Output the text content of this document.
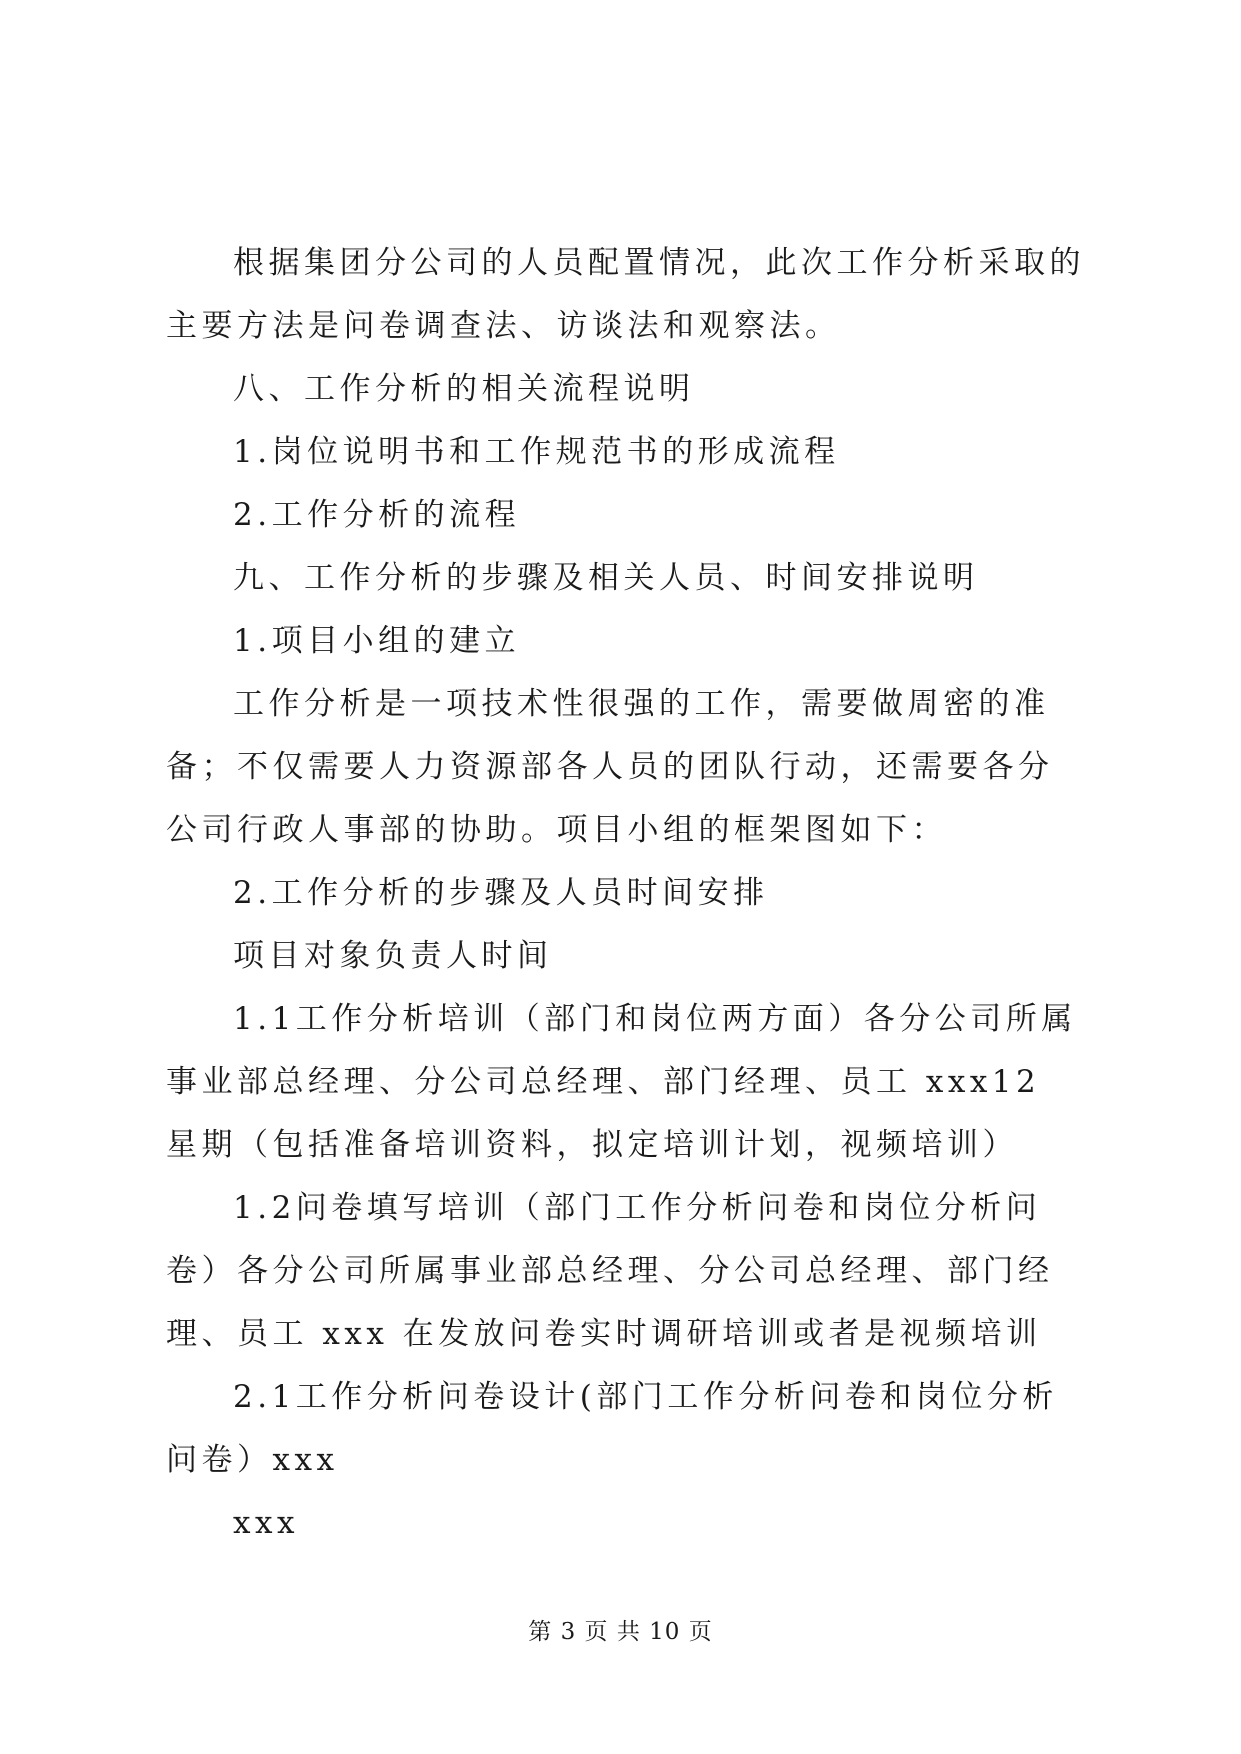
根据集团分公司的人员配置情况，此次工作分析采取的主要方法是问卷调查法、访谈法和观察法。

八、工作分析的相关流程说明

1.岗位说明书和工作规范书的形成流程

2.工作分析的流程

九、工作分析的步骤及相关人员、时间安排说明

1.项目小组的建立

工作分析是一项技术性很强的工作，需要做周密的准备；不仅需要人力资源部各人员的团队行动，还需要各分公司行政人事部的协助。项目小组的框架图如下：

2.工作分析的步骤及人员时间安排

项目对象负责人时间

1.1工作分析培训（部门和岗位两方面）各分公司所属事业部总经理、分公司总经理、部门经理、员工 xxx12 星期（包括准备培训资料，拟定培训计划，视频培训）

1.2问卷填写培训（部门工作分析问卷和岗位分析问卷）各分公司所属事业部总经理、分公司总经理、部门经理、员工 xxx 在发放问卷实时调研培训或者是视频培训

2.1工作分析问卷设计(部门工作分析问卷和岗位分析问卷）xxx

xxx

第 3 页 共 10 页
